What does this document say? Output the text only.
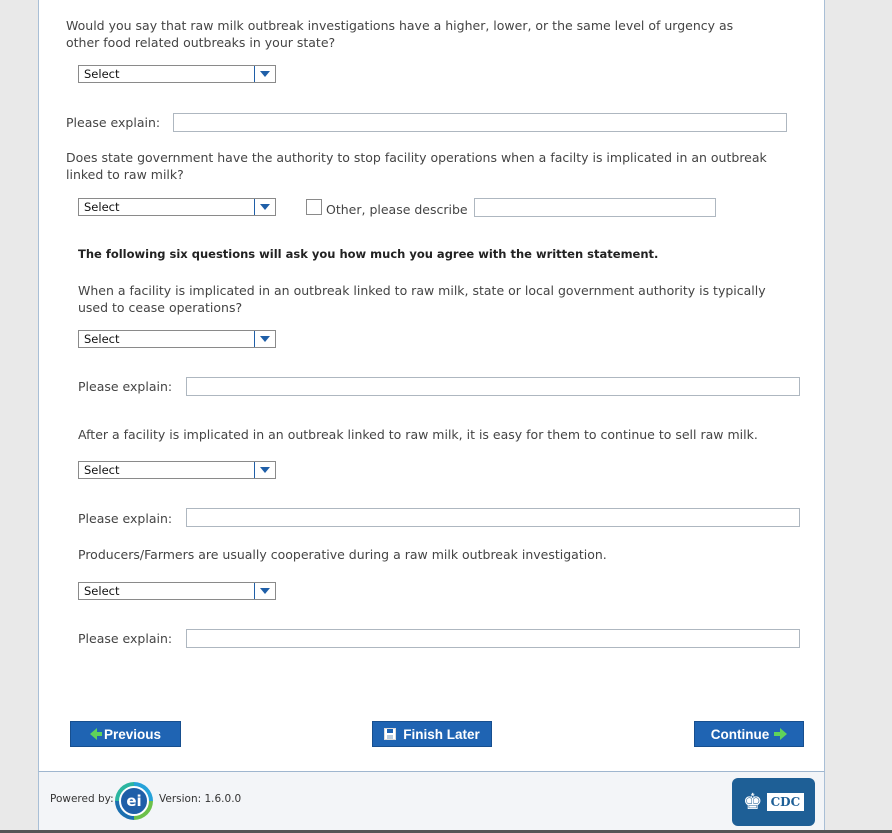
Would you say that raw milk outbreak investigations have a higher, lower, or the same level of urgency as other food related outbreaks in your state?
Select
Please explain:
Does state government have the authority to stop facility operations when a facilty is implicated in an outbreak linked to raw milk?
Select	Other, please describe
The following six questions will ask you how much you agree with the written statement.
When a facility is implicated in an outbreak linked to raw milk, state or local government authority is typically used to cease operations?
Select
Please explain:
After a facility is implicated in an outbreak linked to raw milk, it is easy for them to continue to sell raw milk.
Select
Please explain:
Producers/Farmers are usually cooperative during a raw milk outbreak investigation.
Select
Please explain:
Previous	Finish Later	Continue
Powered by: ei	Version: 1.6.0.0	♚ CDC
